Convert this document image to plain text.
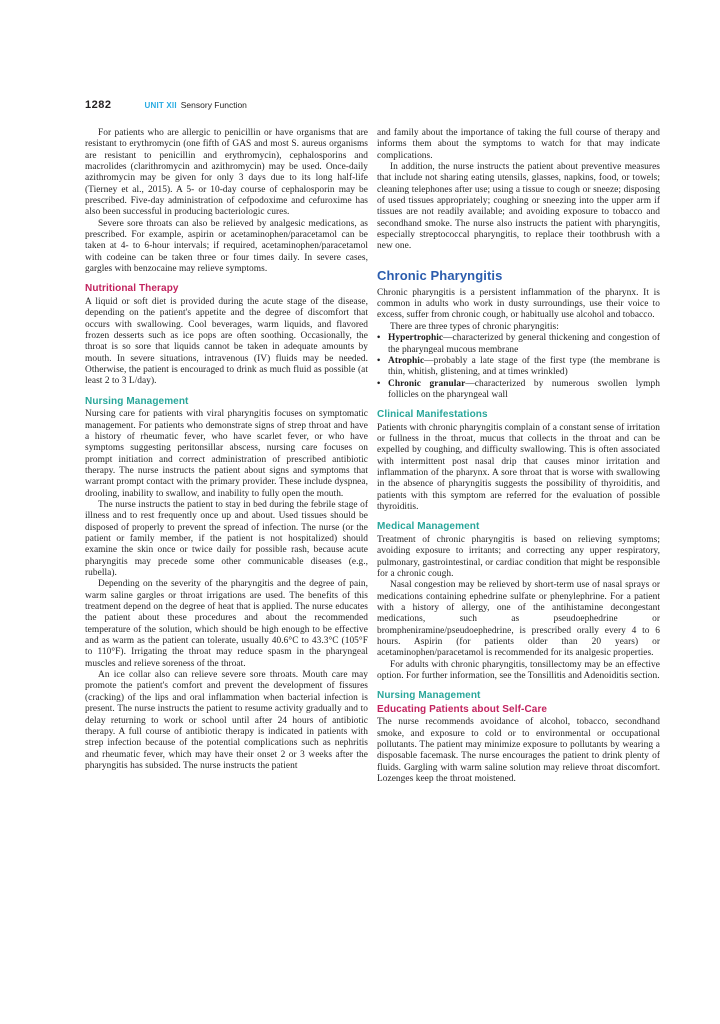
1282	UNIT XII Sensory Function

For patients who are allergic to penicillin or have organisms that are resistant to erythromycin (one fifth of GAS and most S. aureus organisms are resistant to penicillin and erythromycin), cephalosporins and macrolides (clarithromycin and azithromycin) may be used. Once-daily azithromycin may be given for only 3 days due to its long half-life (Tierney et al., 2015). A 5- or 10-day course of cephalosporin may be prescribed. Five-day administration of cefpodoxime and cefuroxime has also been successful in producing bacteriologic cures.

Severe sore throats can also be relieved by analgesic medications, as prescribed. For example, aspirin or acetaminophen/paracetamol can be taken at 4- to 6-hour intervals; if required, acetaminophen/paracetamol with codeine can be taken three or four times daily. In severe cases, gargles with benzocaine may relieve symptoms.

Nutritional Therapy

A liquid or soft diet is provided during the acute stage of the disease, depending on the patient's appetite and the degree of discomfort that occurs with swallowing. Cool beverages, warm liquids, and flavored frozen desserts such as ice pops are often soothing. Occasionally, the throat is so sore that liquids cannot be taken in adequate amounts by mouth. In severe situations, intravenous (IV) fluids may be needed. Otherwise, the patient is encouraged to drink as much fluid as possible (at least 2 to 3 L/day).

Nursing Management

Nursing care for patients with viral pharyngitis focuses on symptomatic management. For patients who demonstrate signs of strep throat and have a history of rheumatic fever, who have scarlet fever, or who have symptoms suggesting peritonsillar abscess, nursing care focuses on prompt initiation and correct administration of prescribed antibiotic therapy. The nurse instructs the patient about signs and symptoms that warrant prompt contact with the primary provider. These include dyspnea, drooling, inability to swallow, and inability to fully open the mouth.

The nurse instructs the patient to stay in bed during the febrile stage of illness and to rest frequently once up and about. Used tissues should be disposed of properly to prevent the spread of infection. The nurse (or the patient or family member, if the patient is not hospitalized) should examine the skin once or twice daily for possible rash, because acute pharyngitis may precede some other communicable diseases (e.g., rubella).

Depending on the severity of the pharyngitis and the degree of pain, warm saline gargles or throat irrigations are used. The benefits of this treatment depend on the degree of heat that is applied. The nurse educates the patient about these procedures and about the recommended temperature of the solution, which should be high enough to be effective and as warm as the patient can tolerate, usually 40.6°C to 43.3°C (105°F to 110°F). Irrigating the throat may reduce spasm in the pharyngeal muscles and relieve soreness of the throat.

An ice collar also can relieve severe sore throats. Mouth care may promote the patient's comfort and prevent the development of fissures (cracking) of the lips and oral inflammation when bacterial infection is present. The nurse instructs the patient to resume activity gradually and to delay returning to work or school until after 24 hours of antibiotic therapy. A full course of antibiotic therapy is indicated in patients with strep infection because of the potential complications such as nephritis and rheumatic fever, which may have their onset 2 or 3 weeks after the pharyngitis has subsided. The nurse instructs the patient

and family about the importance of taking the full course of therapy and informs them about the symptoms to watch for that may indicate complications.

In addition, the nurse instructs the patient about preventive measures that include not sharing eating utensils, glasses, napkins, food, or towels; cleaning telephones after use; using a tissue to cough or sneeze; disposing of used tissues appropriately; coughing or sneezing into the upper arm if tissues are not readily available; and avoiding exposure to tobacco and secondhand smoke. The nurse also instructs the patient with pharyngitis, especially streptococcal pharyngitis, to replace their toothbrush with a new one.

Chronic Pharyngitis

Chronic pharyngitis is a persistent inflammation of the pharynx. It is common in adults who work in dusty surroundings, use their voice to excess, suffer from chronic cough, or habitually use alcohol and tobacco.

There are three types of chronic pharyngitis:

• Hypertrophic—characterized by general thickening and congestion of the pharyngeal mucous membrane
• Atrophic—probably a late stage of the first type (the membrane is thin, whitish, glistening, and at times wrinkled)
• Chronic granular—characterized by numerous swollen lymph follicles on the pharyngeal wall
Clinical Manifestations

Patients with chronic pharyngitis complain of a constant sense of irritation or fullness in the throat, mucus that collects in the throat and can be expelled by coughing, and difficulty swallowing. This is often associated with intermittent post nasal drip that causes minor irritation and inflammation of the pharynx. A sore throat that is worse with swallowing in the absence of pharyngitis suggests the possibility of thyroiditis, and patients with this symptom are referred for the evaluation of possible thyroiditis.

Medical Management

Treatment of chronic pharyngitis is based on relieving symptoms; avoiding exposure to irritants; and correcting any upper respiratory, pulmonary, gastrointestinal, or cardiac condition that might be responsible for a chronic cough.

Nasal congestion may be relieved by short-term use of nasal sprays or medications containing ephedrine sulfate or phenylephrine. For a patient with a history of allergy, one of the antihistamine decongestant medications, such as pseudoephedrine or brompheniramine/pseudoephedrine, is prescribed orally every 4 to 6 hours. Aspirin (for patients older than 20 years) or acetaminophen/paracetamol is recommended for its analgesic properties.

For adults with chronic pharyngitis, tonsillectomy may be an effective option. For further information, see the Tonsillitis and Adenoiditis section.

Nursing Management
Educating Patients about Self-Care

The nurse recommends avoidance of alcohol, tobacco, secondhand smoke, and exposure to cold or to environmental or occupational pollutants. The patient may minimize exposure to pollutants by wearing a disposable facemask. The nurse encourages the patient to drink plenty of fluids. Gargling with warm saline solution may relieve throat discomfort. Lozenges keep the throat moistened.
